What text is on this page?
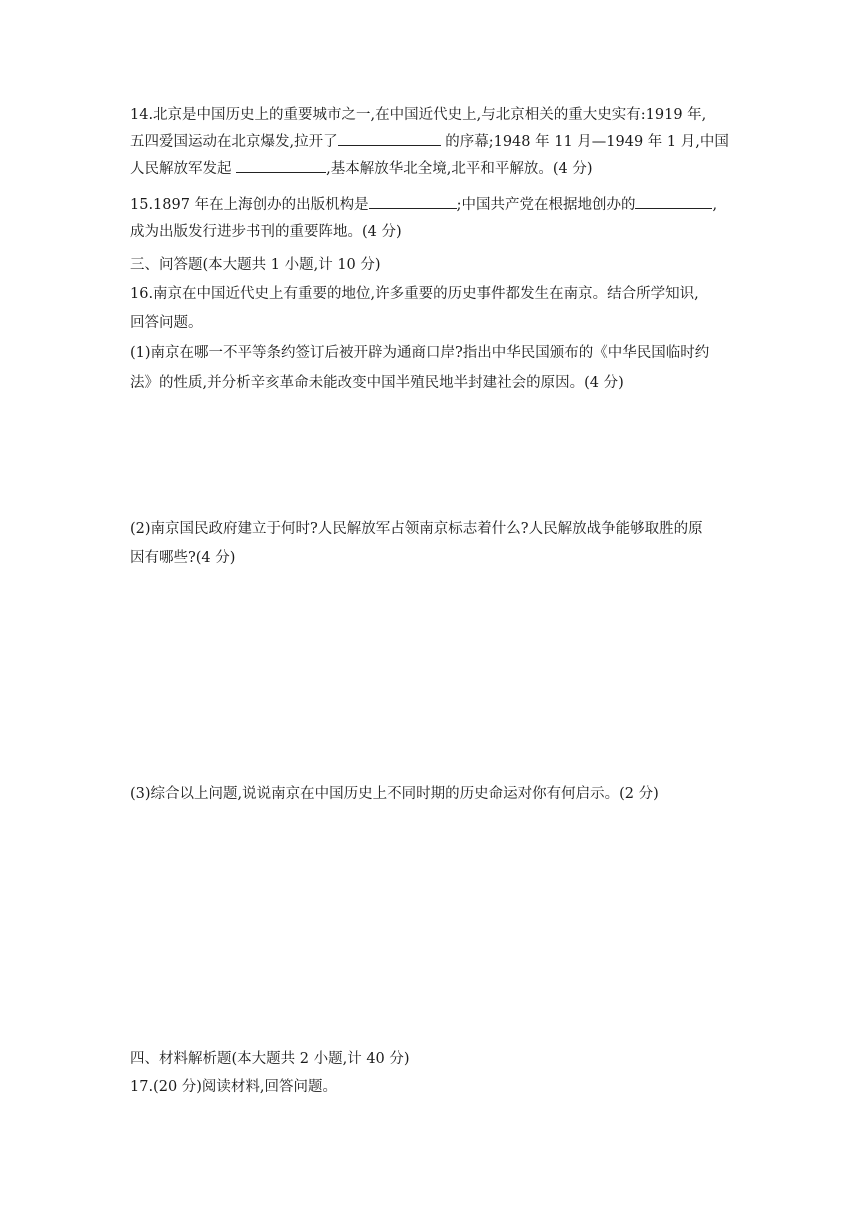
14.北京是中国历史上的重要城市之一,在中国近代史上,与北京相关的重大史实有:1919 年,
五四爱国运动在北京爆发,拉开了	的序幕;1948 年 11 月—1949 年 1 月,中国
人民解放军发起	,基本解放华北全境,北平和平解放。(4 分)
15.1897 年在上海创办的出版机构是	;中国共产党在根据地创办的	,
成为出版发行进步书刊的重要阵地。(4 分)
三、问答题(本大题共 1 小题,计 10 分)
16.南京在中国近代史上有重要的地位,许多重要的历史事件都发生在南京。结合所学知识,
回答问题。
(1)南京在哪一不平等条约签订后被开辟为通商口岸?指出中华民国颁布的《中华民国临时约
法》的性质,并分析辛亥革命未能改变中国半殖民地半封建社会的原因。(4 分)
(2)南京国民政府建立于何时?人民解放军占领南京标志着什么?人民解放战争能够取胜的原
因有哪些?(4 分)
(3)综合以上问题,说说南京在中国历史上不同时期的历史命运对你有何启示。(2 分)
四、材料解析题(本大题共 2 小题,计 40 分)
17.(20 分)阅读材料,回答问题。
